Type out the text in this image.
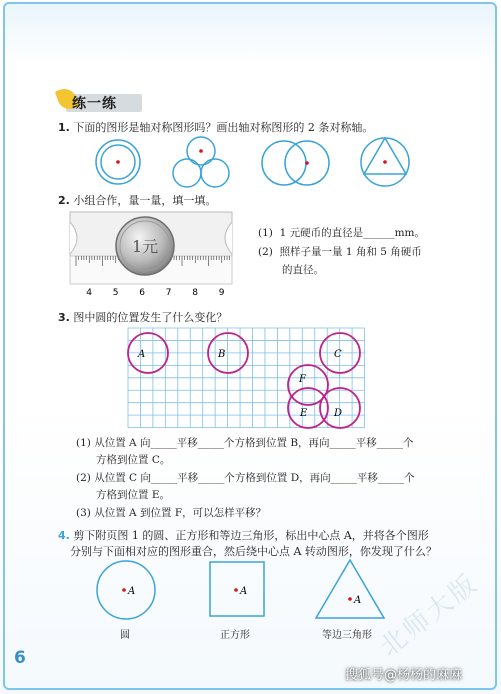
练一练
1. 下面的图形是轴对称图形吗？画出轴对称图形的 2 条对称轴。
2. 小组合作，量一量，填一填。
4 5 6 7 8 9
1元
(1) 1 元硬币的直径是______mm。
(2) 照样子量一量 1 角和 5 角硬币
的直径。
3. 图中圆的位置发生了什么变化？
A	B	C
F
E	D
(1) 从位置 A 向_____平移_____个方格到位置 B，再向_____平移_____个
方格到位置 C。
(2) 从位置 C 向_____平移_____个方格到位置 D，再向_____平移_____个
方格到位置 E。
(3) 从位置 A 到位置 F，可以怎样平移？
4. 剪下附页图 1 的圆、正方形和等边三角形，标出中心点 A，并将各个图形
分别与下面相对应的图形重合，然后绕中心点 A 转动图形，你发现了什么？
A	A
A
圆	正方形	等边三角形 北师大版
6
搜狐号@杨杨的麻麻
